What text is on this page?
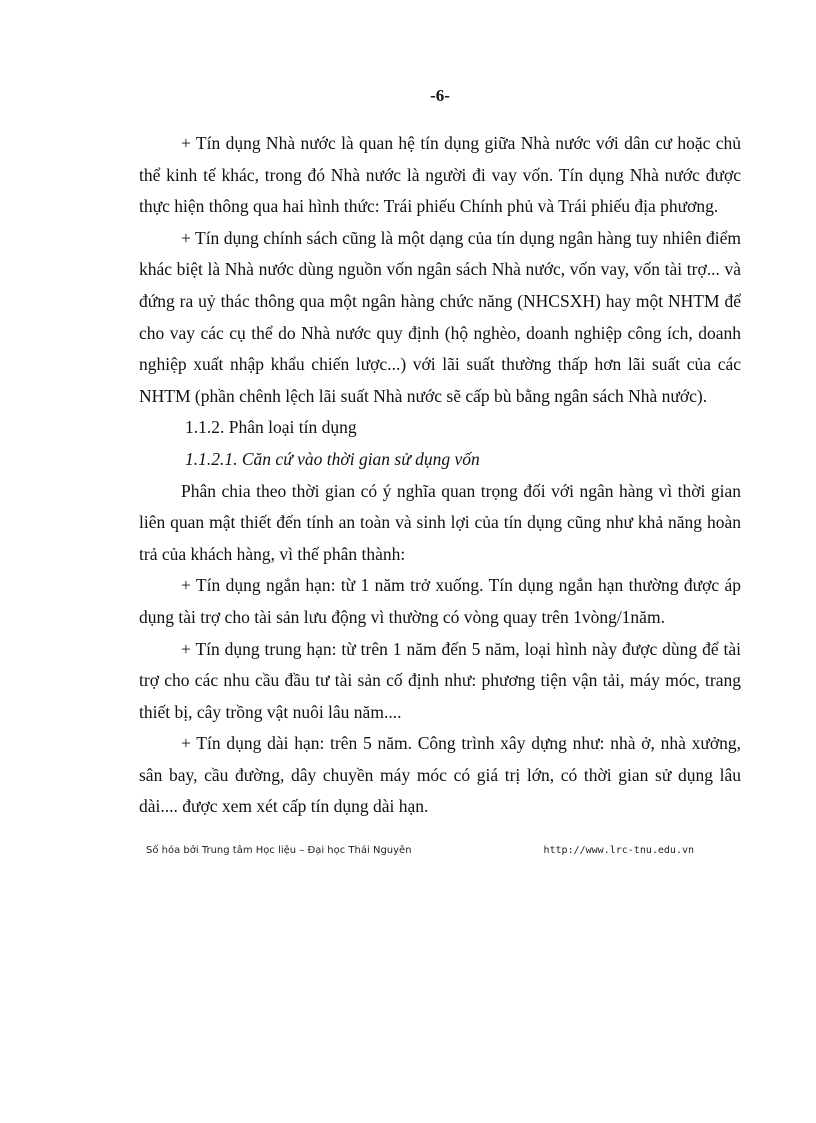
-6-

+ Tín dụng Nhà nước là quan hệ tín dụng giữa Nhà nước với dân cư hoặc chủ thể kinh tế khác, trong đó Nhà nước là người đi vay vốn. Tín dụng Nhà nước được thực hiện thông qua hai hình thức: Trái phiếu Chính phủ và Trái phiếu địa phương.

+ Tín dụng chính sách cũng là một dạng của tín dụng ngân hàng tuy nhiên điểm khác biệt là Nhà nước dùng nguồn vốn ngân sách Nhà nước, vốn vay, vốn tài trợ... và đứng ra uỷ thác thông qua một ngân hàng chức năng (NHCSXH) hay một NHTM để cho vay các cụ thể do Nhà nước quy định (hộ nghèo, doanh nghiệp công ích, doanh nghiệp xuất nhập khẩu chiến lược...) với lãi suất thường thấp hơn lãi suất của các NHTM (phần chênh lệch lãi suất Nhà nước sẽ cấp bù bằng ngân sách Nhà nước).

1.1.2. Phân loại tín dụng

1.1.2.1. Căn cứ vào thời gian sử dụng vốn

Phân chia theo thời gian có ý nghĩa quan trọng đối với ngân hàng vì thời gian liên quan mật thiết đến tính an toàn và sinh lợi của tín dụng cũng như khả năng hoàn trả của khách hàng, vì thế phân thành:

+ Tín dụng ngắn hạn: từ 1 năm trở xuống. Tín dụng ngắn hạn thường được áp dụng tài trợ cho tài sản lưu động vì thường có vòng quay trên 1vòng/1năm.

+ Tín dụng trung hạn: từ trên 1 năm đến 5 năm, loại hình này được dùng để tài trợ cho các nhu cầu đầu tư tài sản cố định như: phương tiện vận tải, máy móc, trang thiết bị, cây trồng vật nuôi lâu năm....

+ Tín dụng dài hạn: trên 5 năm. Công trình xây dựng như: nhà ở, nhà xưởng, sân bay, cầu đường, dây chuyền máy móc có giá trị lớn, có thời gian sử dụng lâu dài.... được xem xét cấp tín dụng dài hạn.

Số hóa bởi Trung tâm Học liệu – Đại học Thái Nguyên	http://www.lrc-tnu.edu.vn
